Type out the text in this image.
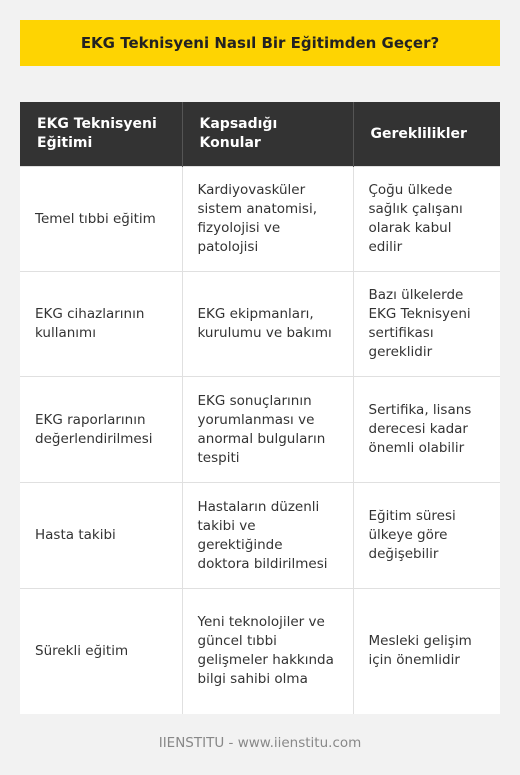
EKG Teknisyeni Nasıl Bir Eğitimden Geçer?
EKG Teknisyeni Eğitimi	Kapsadığı Konular	Gereklilikler
Temel tıbbi eğitim	Kardiyovasküler sistem anatomisi, fizyolojisi ve patolojisi	Çoğu ülkede sağlık çalışanı olarak kabul edilir
EKG cihazlarının kullanımı	EKG ekipmanları, kurulumu ve bakımı	Bazı ülkelerde EKG Teknisyeni sertifikası gereklidir
EKG raporlarının değerlendirilmesi	EKG sonuçlarının yorumlanması ve anormal bulguların tespiti	Sertifika, lisans derecesi kadar önemli olabilir
Hasta takibi	Hastaların düzenli takibi ve gerektiğinde doktora bildirilmesi	Eğitim süresi ülkeye göre değişebilir
Sürekli eğitim	Yeni teknolojiler ve güncel tıbbi gelişmeler hakkında bilgi sahibi olma	Mesleki gelişim için önemlidir
IIENSTITU - www.iienstitu.com
